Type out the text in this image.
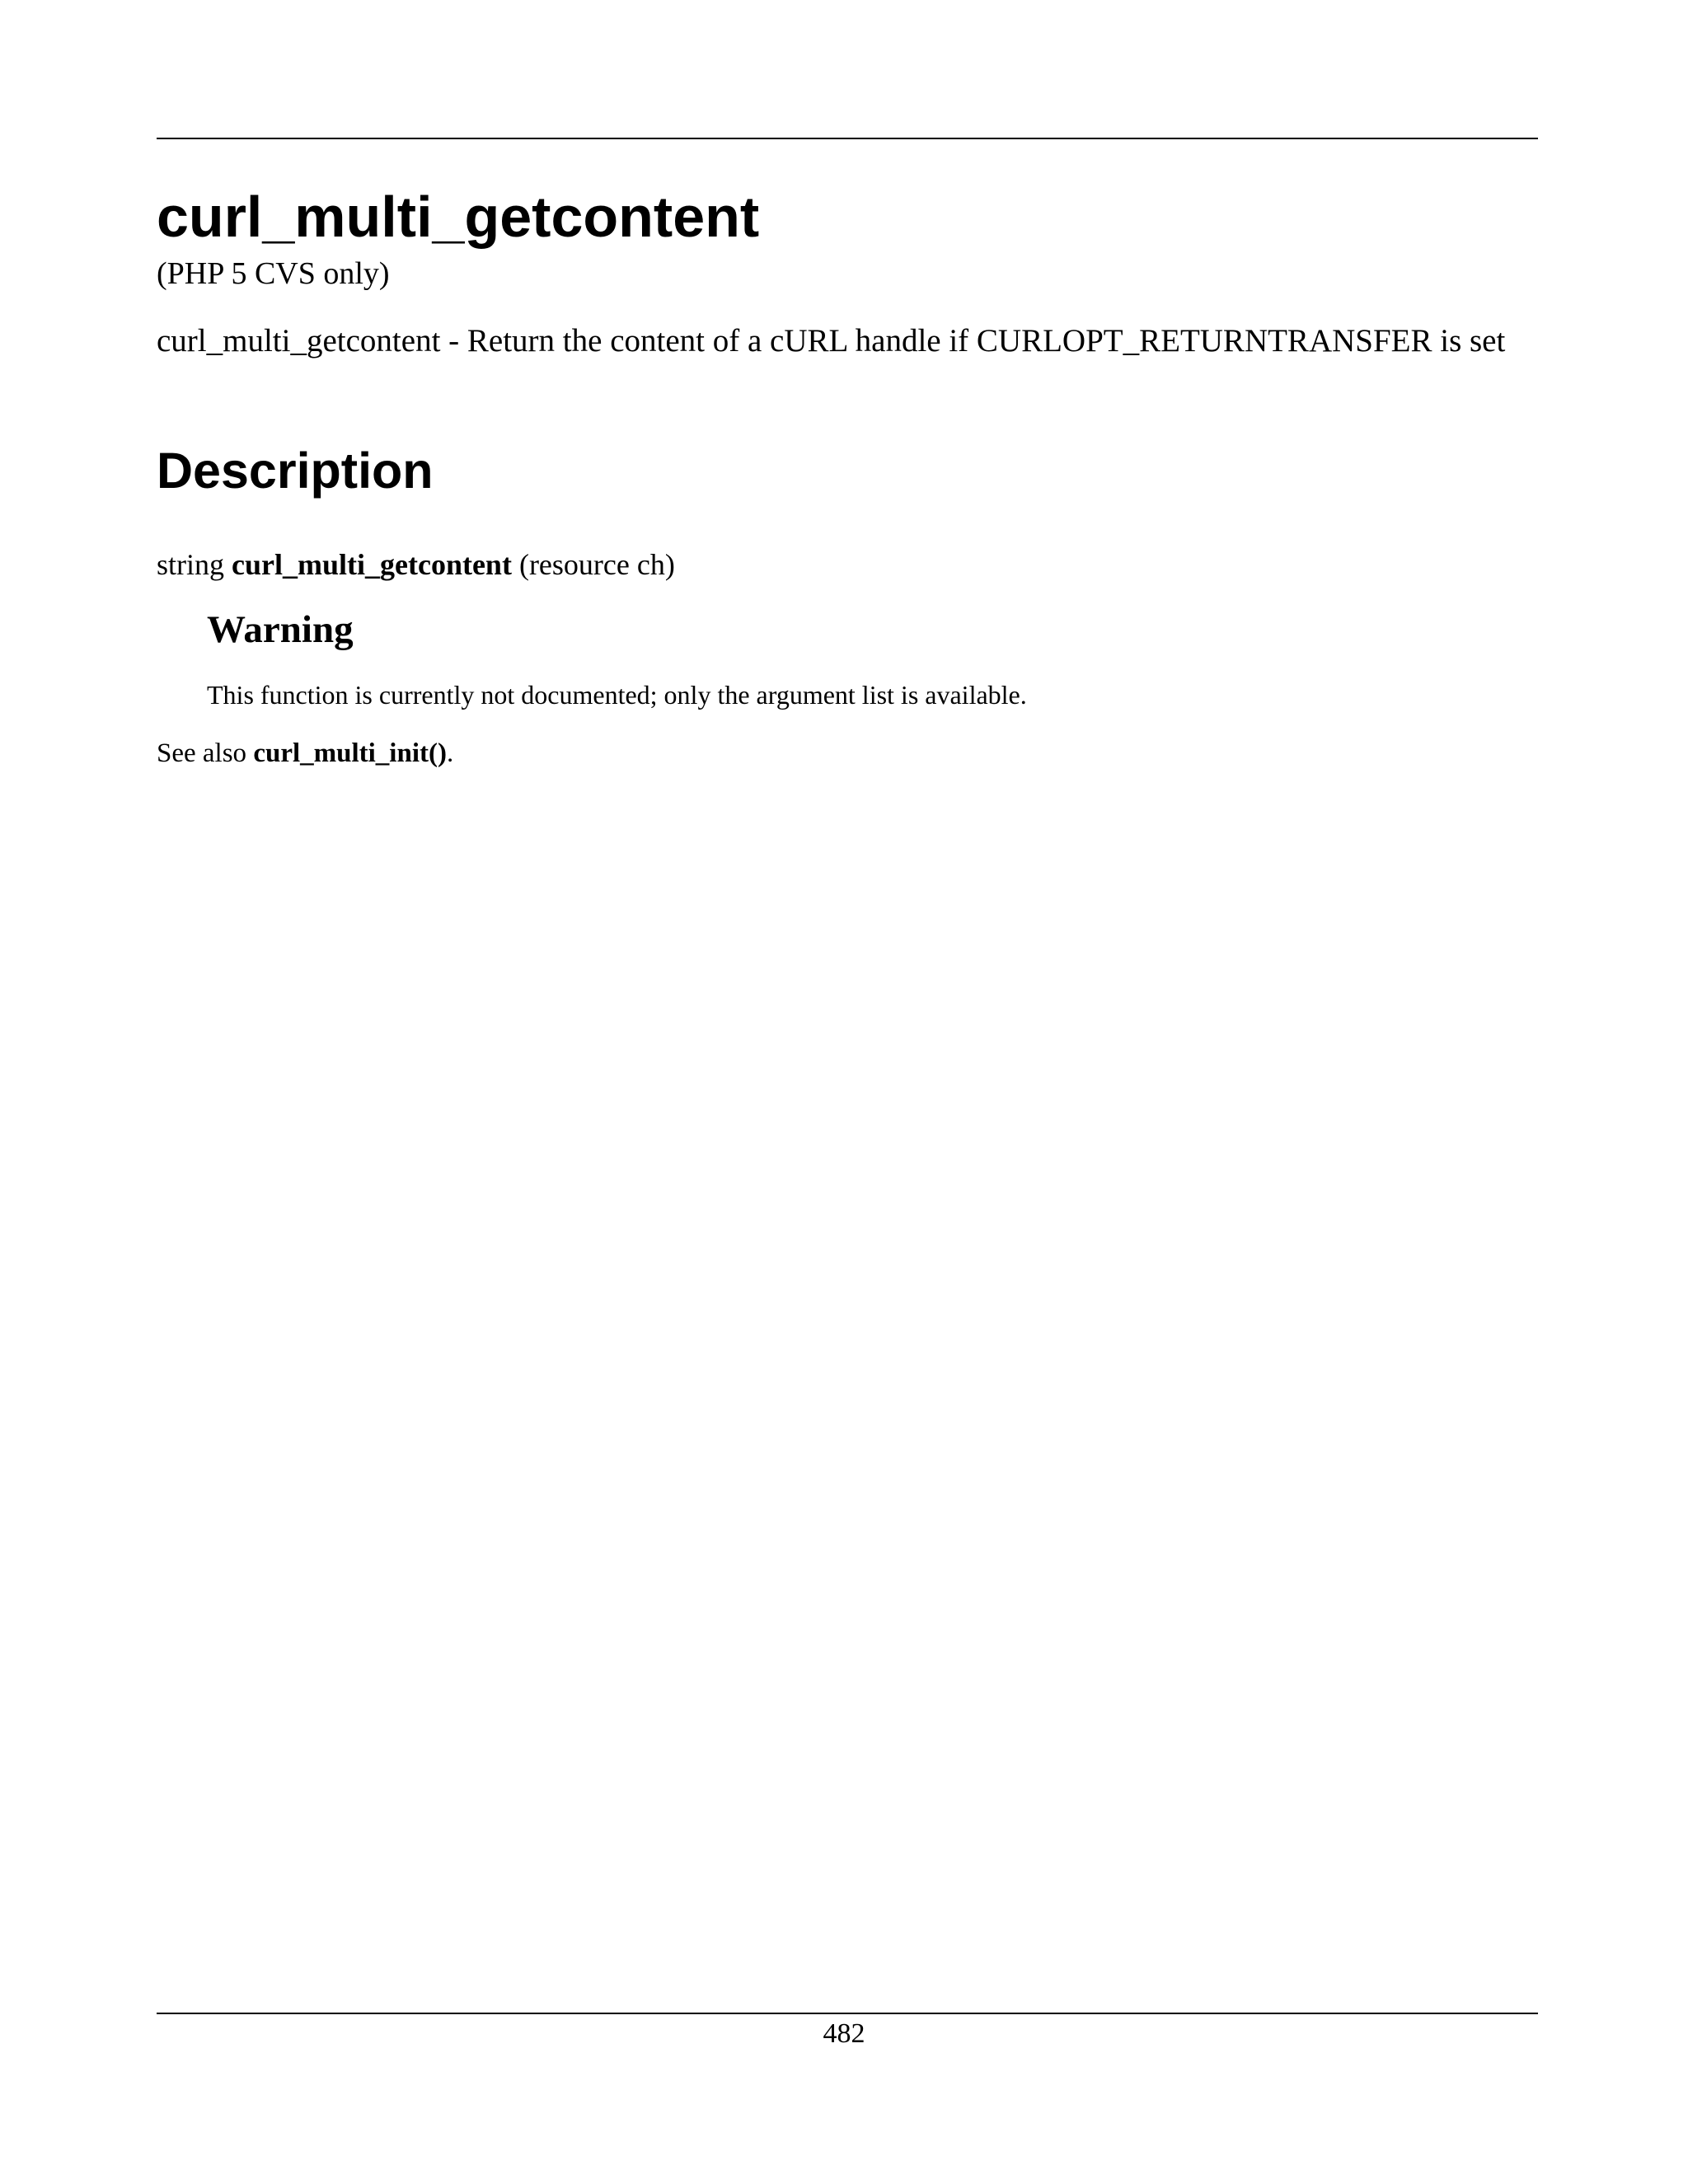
curl_multi_getcontent
(PHP 5 CVS only)
curl_multi_getcontent - Return the content of a cURL handle if CURLOPT_RETURNTRANSFER is set
Description
string curl_multi_getcontent (resource ch)
Warning
This function is currently not documented; only the argument list is available.
See also curl_multi_init().
482
